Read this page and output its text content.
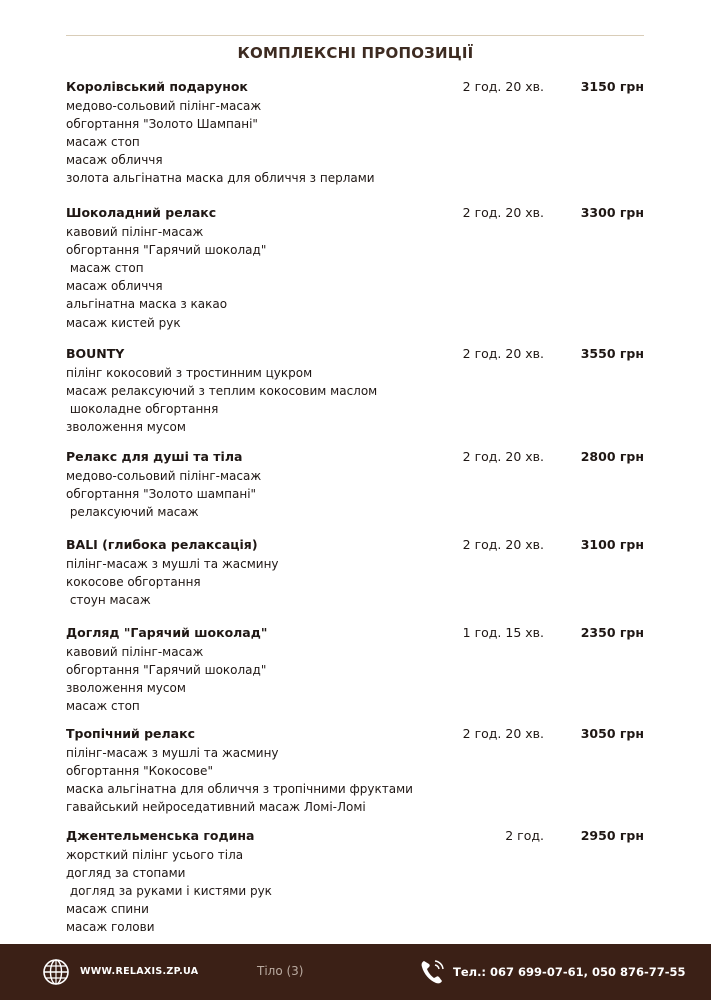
КОМПЛЕКСНІ ПРОПОЗИЦІЇ
Королівський подарунок	2 год. 20 хв.	3150 грн
медово-сольовий пілінг-масаж
обгортання "Золото Шампані"
масаж стоп
масаж обличчя
золота альгінатна маска для обличчя з перлами
Шоколадний релакс	2 год. 20 хв.	3300 грн
кавовий пілінг-масаж
обгортання "Гарячий шоколад"
масаж стоп
масаж обличчя
альгінатна маска з какао
масаж кистей рук
BOUNTY	2 год. 20 хв.	3550 грн
пілінг кокосовий з тростинним цукром
масаж релаксуючий з теплим кокосовим маслом
шоколадне обгортання
зволоження мусом
Релакс для душі та тіла	2 год. 20 хв.	2800 грн
медово-сольовий пілінг-масаж
обгортання "Золото шампані"
релаксуючий масаж
BALI (глибока релаксація)	2 год. 20 хв.	3100 грн
пілінг-масаж з мушлі та жасмину
кокосове обгортання
стоун масаж
Догляд "Гарячий шоколад"	1 год. 15 хв.	2350 грн
кавовий пілінг-масаж
обгортання "Гарячий шоколад"
зволоження мусом
масаж стоп
Тропічний релакс	2 год. 20 хв.	3050 грн
пілінг-масаж з мушлі та жасмину
обгортання "Кокосове"
маска альгінатна для обличчя з тропічними фруктами
гавайський нейроседативний масаж Ломі-Ломі
Джентельменська година	2 год.	2950 грн
жорсткий пілінг усього тіла
догляд за стопами
догляд за руками і кистями рук
масаж спини
масаж голови
WWW.RELAXIS.ZP.UA	Тіло (3)	Тел.: 067 699-07-61, 050 876-77-55
